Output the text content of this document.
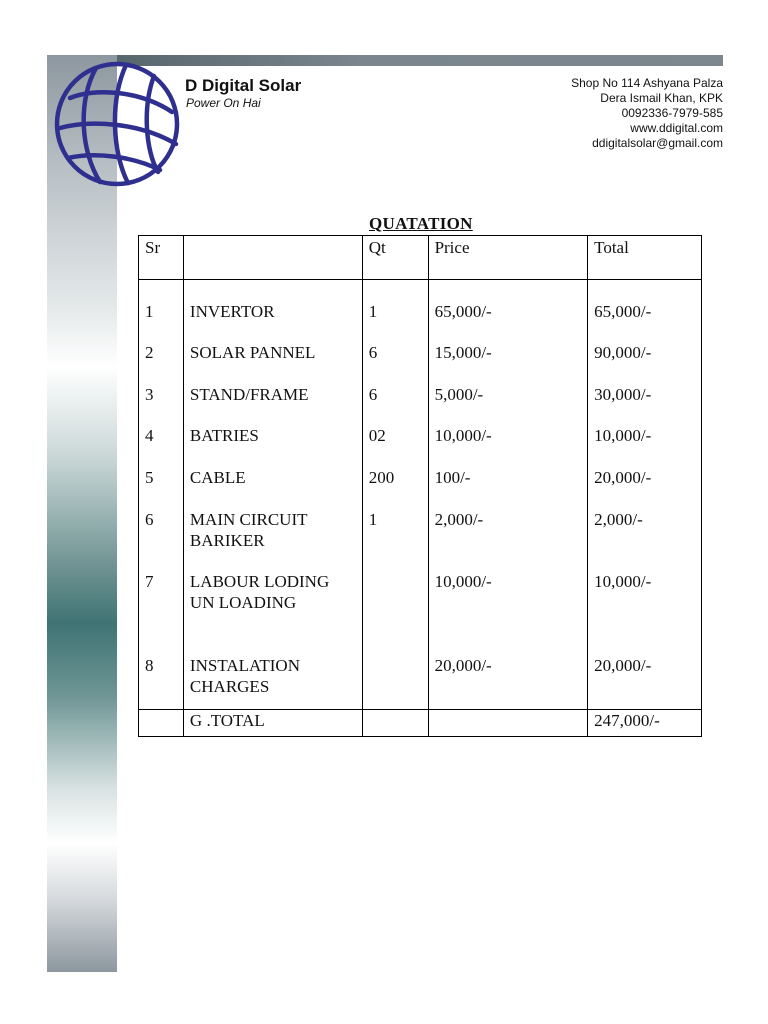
D Digital Solar
Power On Hai
Shop No 114 Ashyana Palza
Dera Ismail Khan, KPK
0092336-7979-585
www.ddigital.com
ddigitalsolar@gmail.com
QUATATION
Sr		Qt	Price	Total
1	INVERTOR	1	65,000/-	65,000/-
2	SOLAR PANNEL	6	15,000/-	90,000/-
3	STAND/FRAME	6	5,000/-	30,000/-
4	BATRIES	02	10,000/-	10,000/-
5	CABLE	200	100/-	20,000/-
6	MAIN CIRCUIT BARIKER	1	2,000/-	2,000/-
7	LABOUR LODING UN LOADING		10,000/-	10,000/-
8	INSTALATION CHARGES		20,000/-	20,000/-
	G .TOTAL			247,000/-
